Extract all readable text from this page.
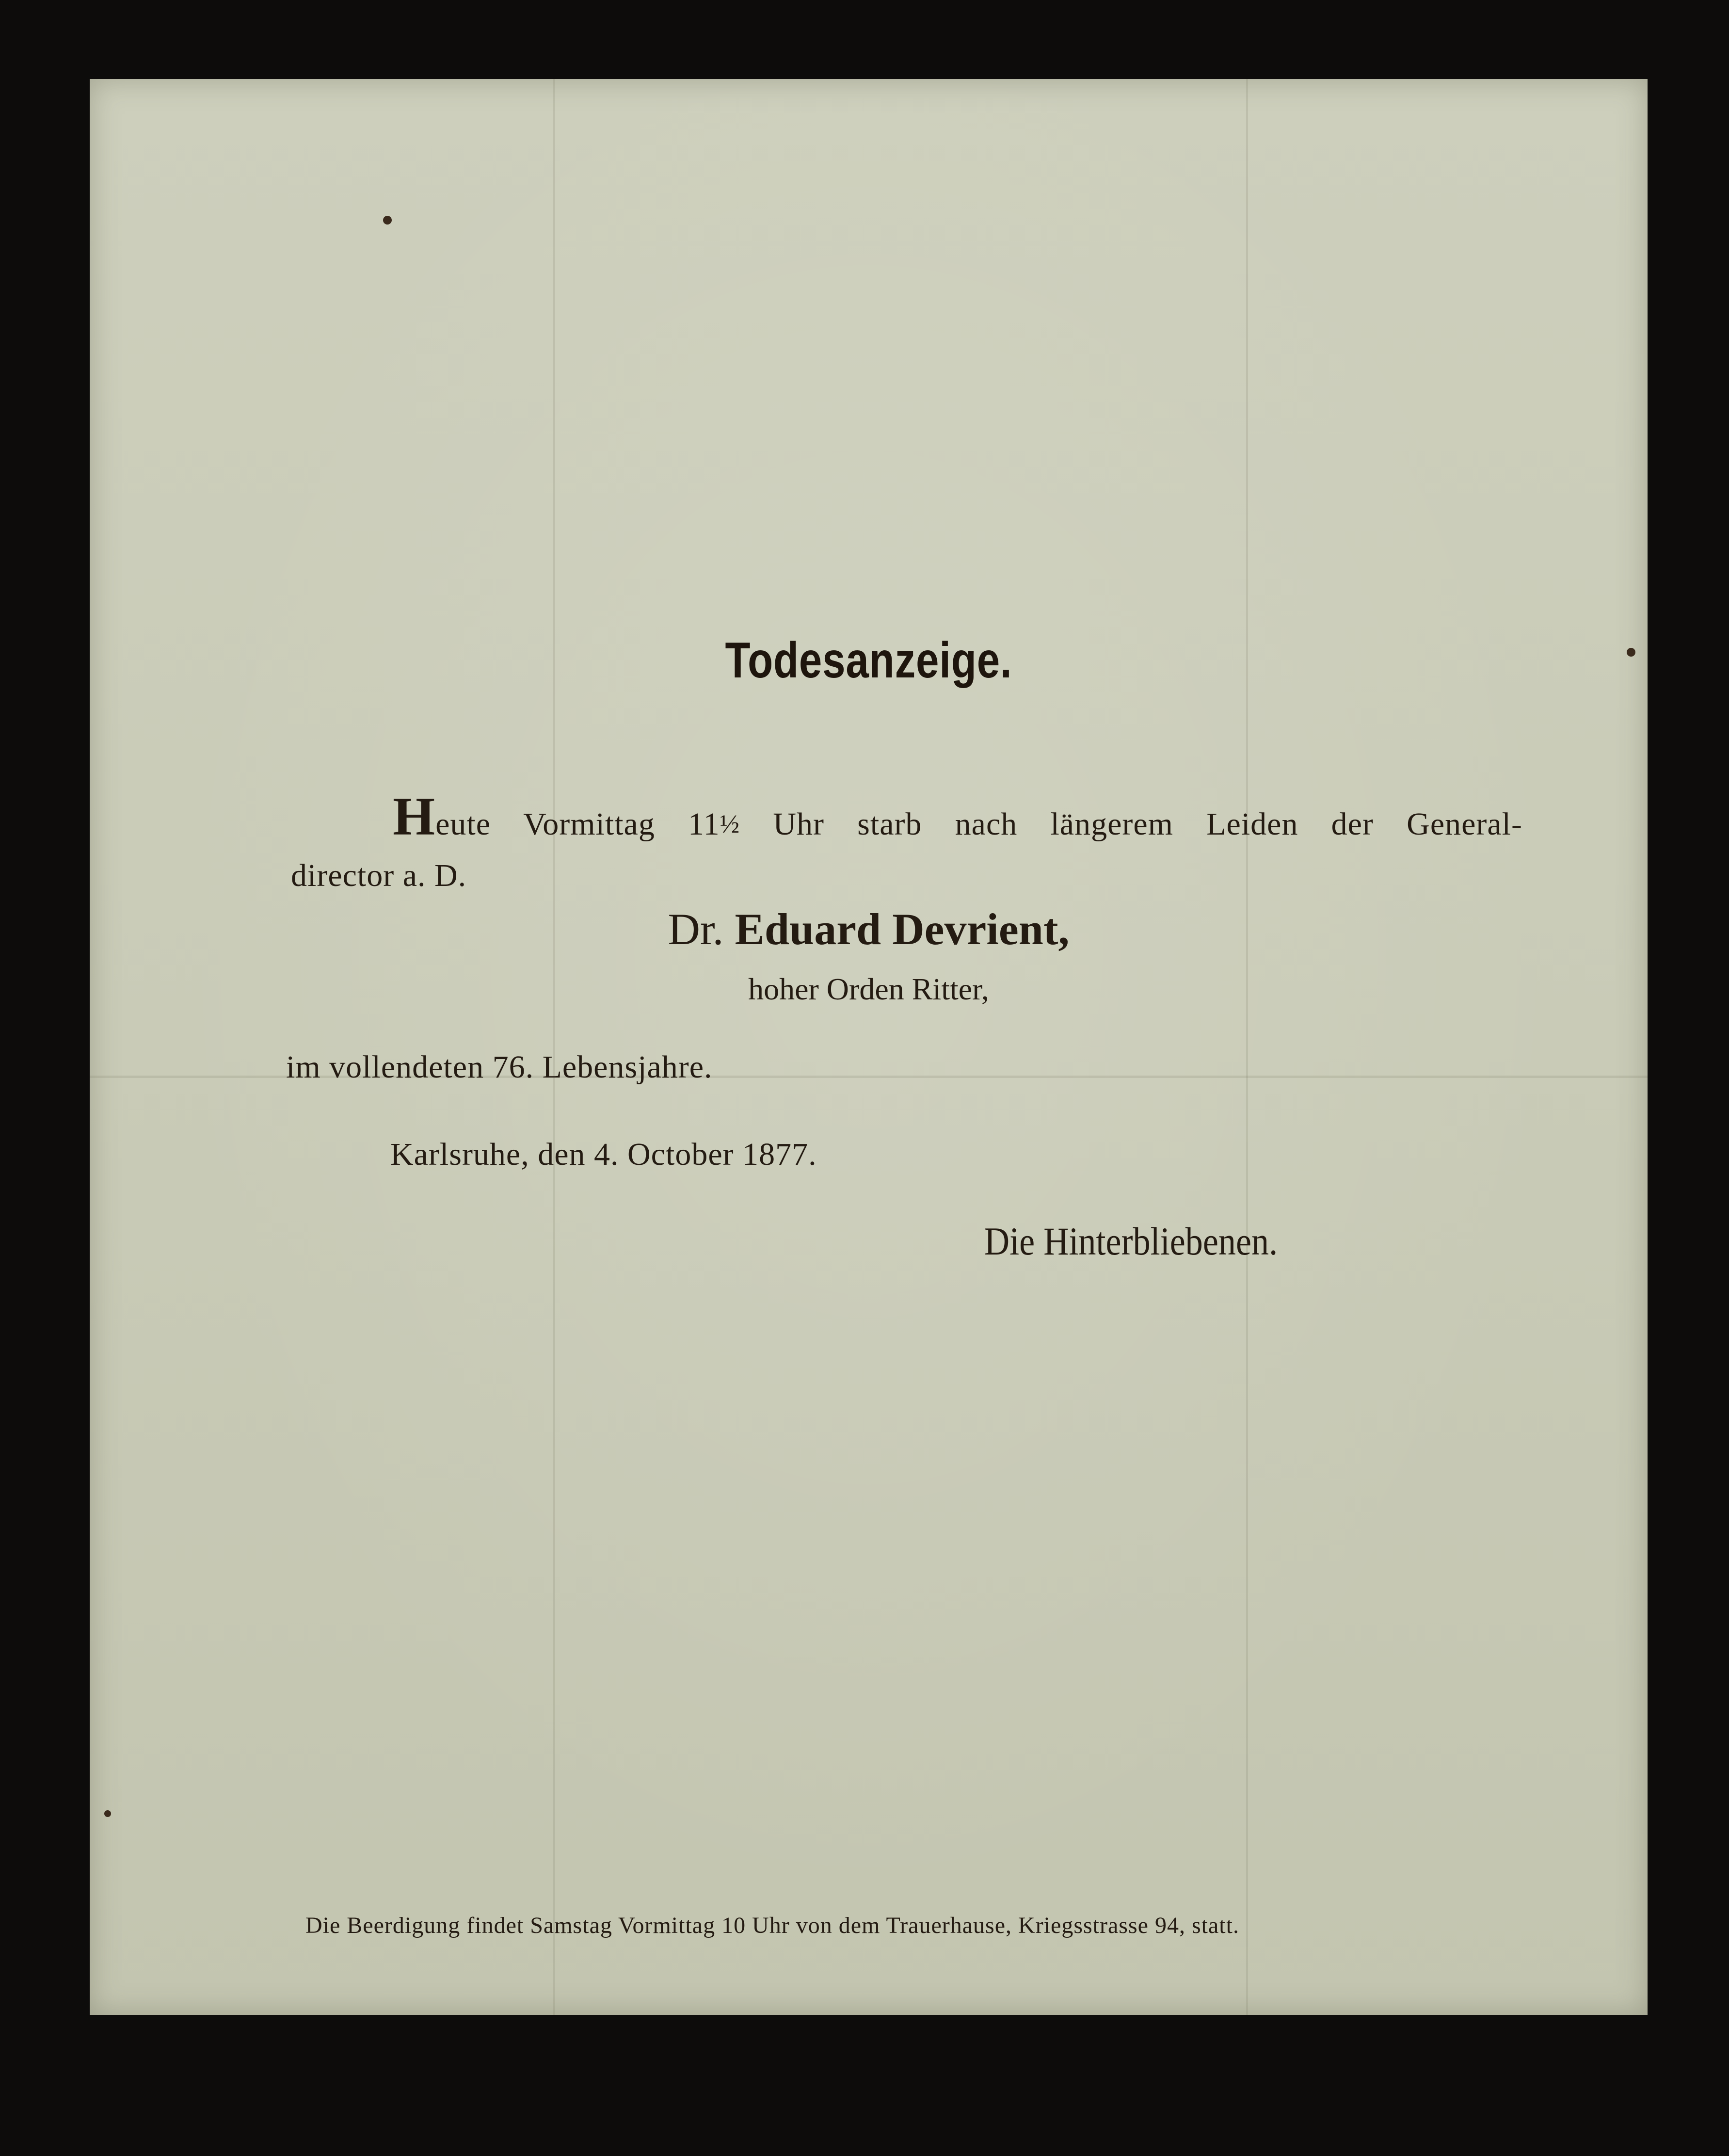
Todesanzeige.
Heute Vormittag 11½ Uhr starb nach längerem Leiden der General-
director a. D.
Dr. Eduard Devrient,
hoher Orden Ritter,
im vollendeten 76. Lebensjahre.
Karlsruhe, den 4. October 1877.
Die Hinterbliebenen.
Die Beerdigung findet Samstag Vormittag 10 Uhr von dem Trauerhause, Kriegsstrasse 94, statt.
